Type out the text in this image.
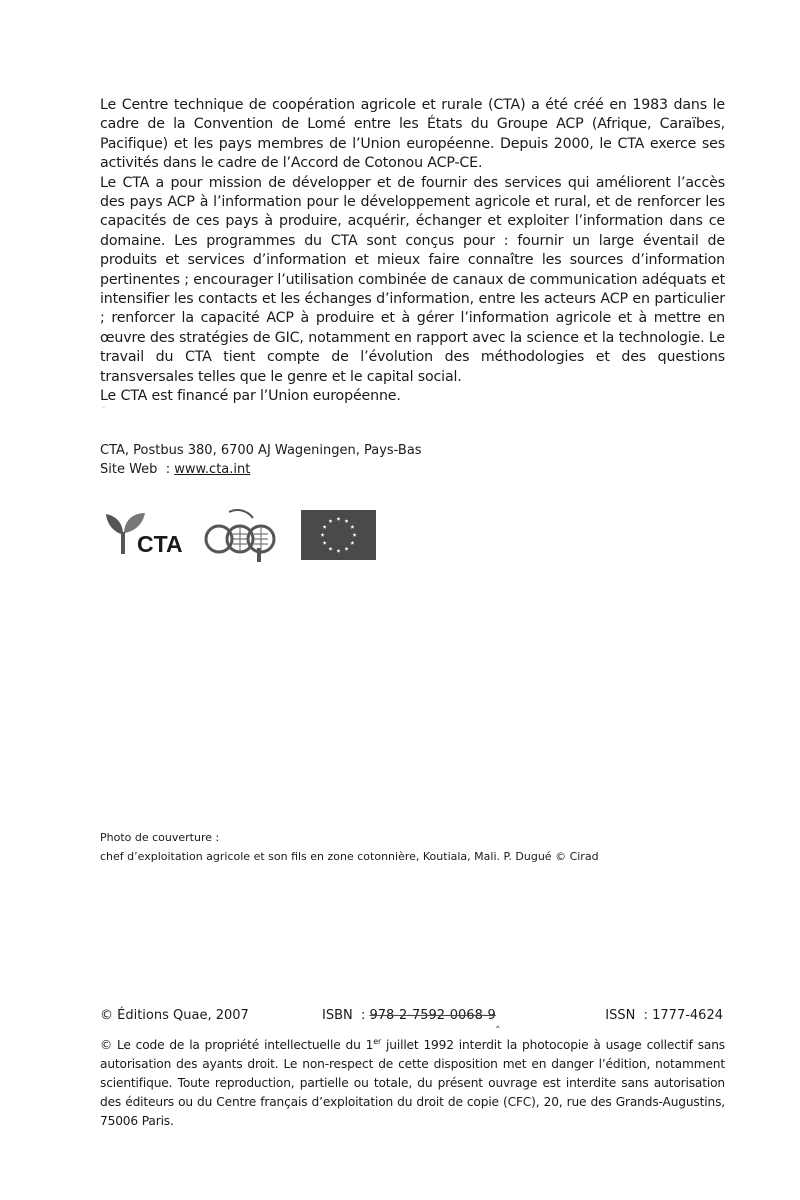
Le Centre technique de coopération agricole et rurale (CTA) a été créé en 1983 dans le cadre de la Convention de Lomé entre les États du Groupe ACP (Afrique, Caraïbes, Pacifique) et les pays membres de l’Union européenne. Depuis 2000, le CTA exerce ses activités dans le cadre de l’Accord de Cotonou ACP-CE.

Le CTA a pour mission de développer et de fournir des services qui améliorent l’accès des pays ACP à l’information pour le développement agricole et rural, et de renforcer les capacités de ces pays à produire, acquérir, échanger et exploiter l’information dans ce domaine. Les programmes du CTA sont conçus pour : fournir un large éventail de produits et services d’information et mieux faire connaître les sources d’information pertinentes ; encourager l’utilisation combinée de canaux de communication adéquats et intensifier les contacts et les échanges d’information, entre les acteurs ACP en particulier ; renforcer la capacité ACP à produire et à gérer l’information agricole et à mettre en œuvre des stratégies de GIC, notamment en rapport avec la science et la technologie. Le travail du CTA tient compte de l’évolution des méthodologies et des questions transversales telles que le genre et le capital social.

Le CTA est financé par l’Union européenne.

CTA, Postbus 380, 6700 AJ Wageningen, Pays-Bas
Site Web  : www.cta.int
CTA
acp
Photo de couverture :
chef d’exploitation agricole et son fils en zone cotonnière, Koutiala, Mali. P. Dugué © Cirad
© Éditions Quae, 2007	ISBN  : 978-2-7592-0068-9 ‸	ISSN  : 1777-4624
© Le code de la propriété intellectuelle du 1er juillet 1992 interdit la photocopie à usage collectif sans autorisation des ayants droit. Le non-respect de cette disposition met en danger l’édition, notamment scientifique. Toute reproduction, partielle ou totale, du présent ouvrage est interdite sans autorisation des éditeurs ou du Centre français d’exploitation du droit de copie (CFC), 20, rue des Grands-Augustins, 75006 Paris.
